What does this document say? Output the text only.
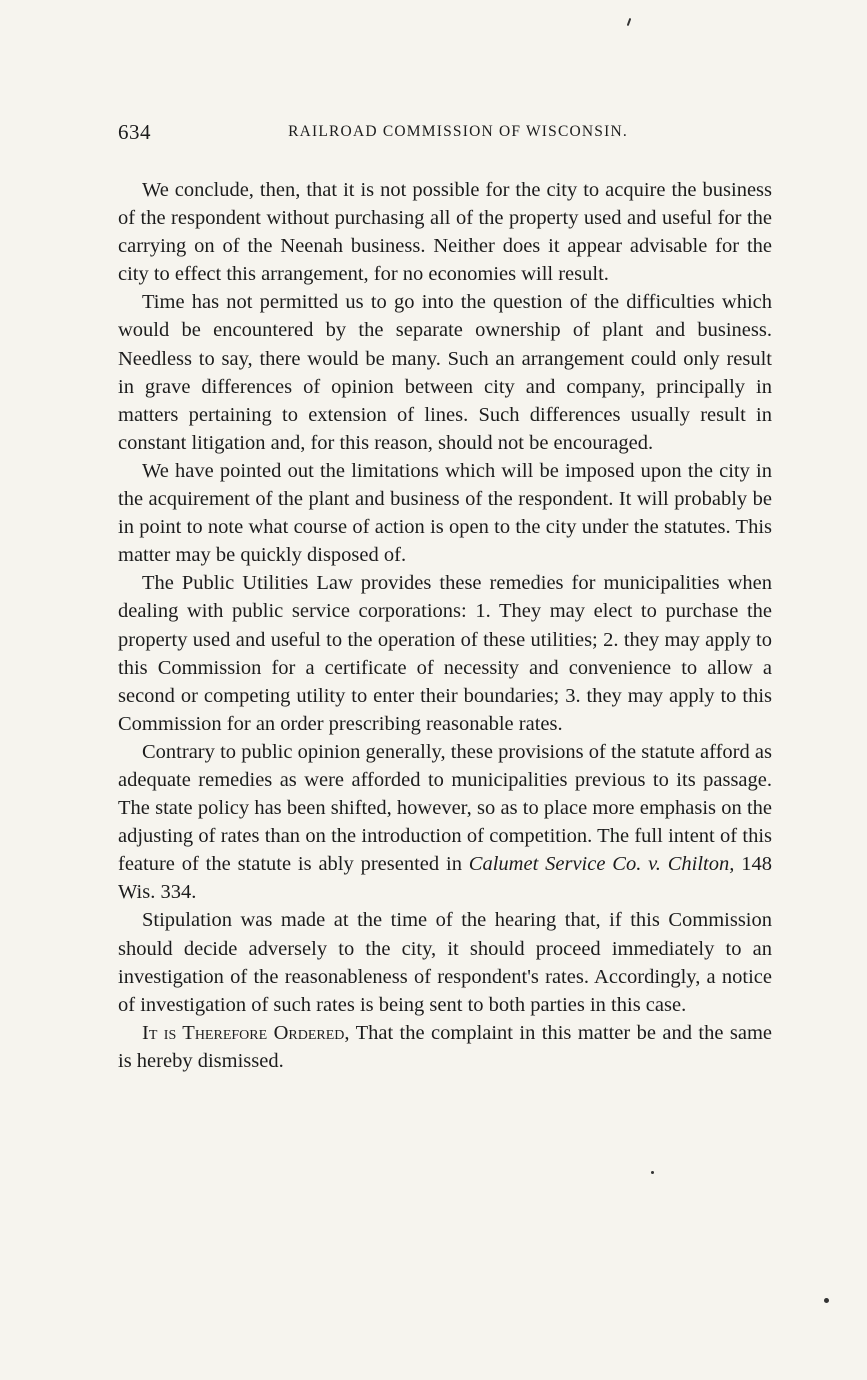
634	RAILROAD COMMISSION OF WISCONSIN.

We conclude, then, that it is not possible for the city to acquire the business of the respondent without purchasing all of the property used and useful for the carrying on of the Neenah business. Neither does it appear advisable for the city to effect this arrangement, for no economies will result.

Time has not permitted us to go into the question of the difficulties which would be encountered by the separate ownership of plant and business. Needless to say, there would be many. Such an arrangement could only result in grave differences of opinion between city and company, principally in matters pertaining to extension of lines. Such differences usually result in constant litigation and, for this reason, should not be encouraged.

We have pointed out the limitations which will be imposed upon the city in the acquirement of the plant and business of the respondent. It will probably be in point to note what course of action is open to the city under the statutes. This matter may be quickly disposed of.

The Public Utilities Law provides these remedies for municipalities when dealing with public service corporations: 1. They may elect to purchase the property used and useful to the operation of these utilities; 2. they may apply to this Commission for a certificate of necessity and convenience to allow a second or competing utility to enter their boundaries; 3. they may apply to this Commission for an order prescribing reasonable rates.

Contrary to public opinion generally, these provisions of the statute afford as adequate remedies as were afforded to municipalities previous to its passage. The state policy has been shifted, however, so as to place more emphasis on the adjusting of rates than on the introduction of competition. The full intent of this feature of the statute is ably presented in Calumet Service Co. v. Chilton, 148 Wis. 334.

Stipulation was made at the time of the hearing that, if this Commission should decide adversely to the city, it should proceed immediately to an investigation of the reasonableness of respondent's rates. Accordingly, a notice of investigation of such rates is being sent to both parties in this case.

It is Therefore Ordered, That the complaint in this matter be and the same is hereby dismissed.
